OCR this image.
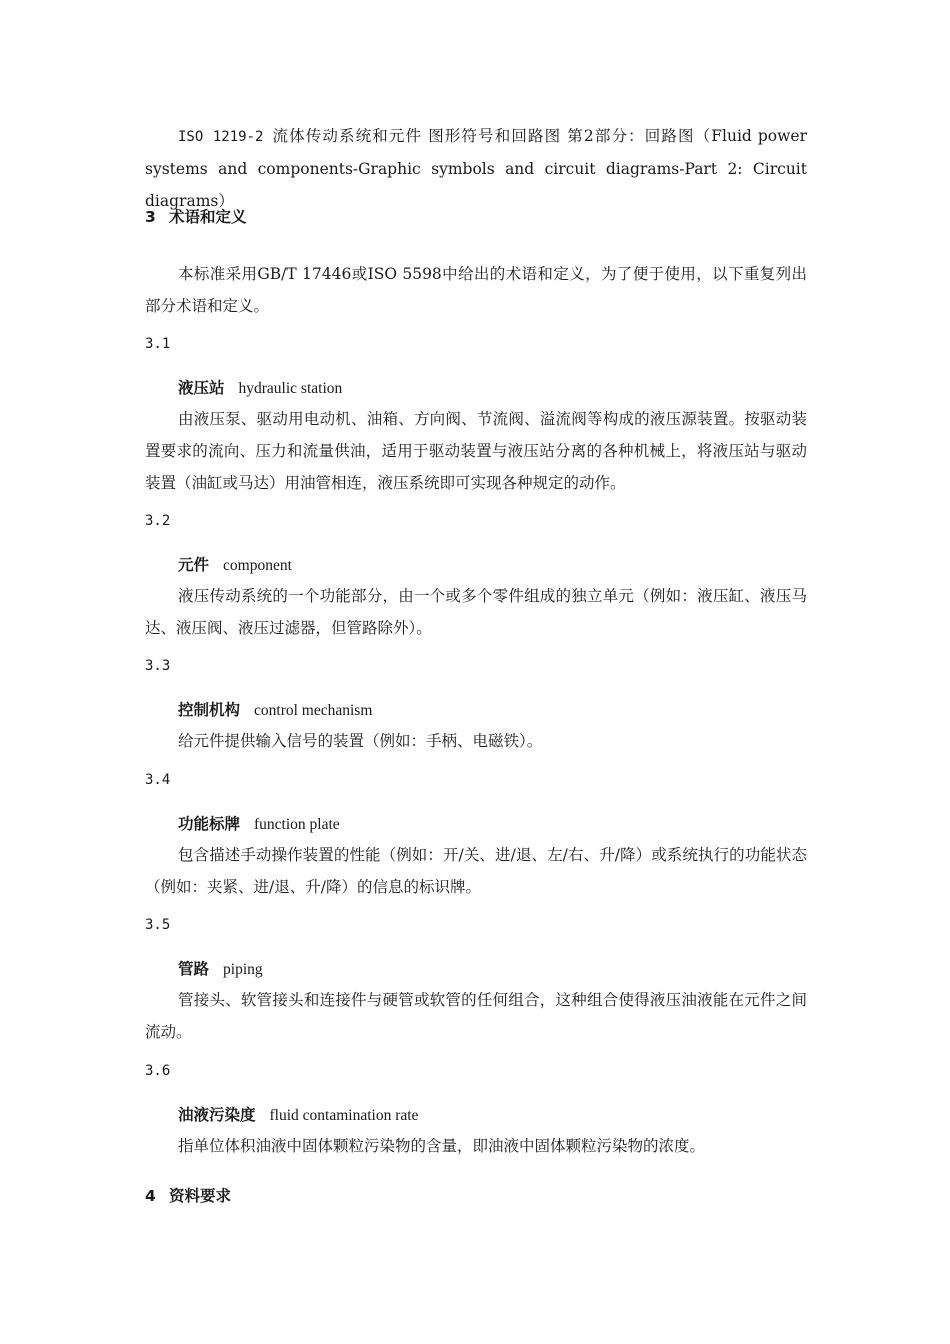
ISO 1219-2 流体传动系统和元件 图形符号和回路图 第2部分：回路图（Fluid power systems and components-Graphic symbols and circuit diagrams-Part 2: Circuit diagrams）

3 术语和定义

本标准采用GB/T 17446或ISO 5598中给出的术语和定义，为了便于使用，以下重复列出部分术语和定义。

3.1
液压站 hydraulic station

由液压泵、驱动用电动机、油箱、方向阀、节流阀、溢流阀等构成的液压源装置。按驱动装置要求的流向、压力和流量供油，适用于驱动装置与液压站分离的各种机械上，将液压站与驱动装置（油缸或马达）用油管相连，液压系统即可实现各种规定的动作。

3.2
元件 component

液压传动系统的一个功能部分，由一个或多个零件组成的独立单元（例如：液压缸、液压马达、液压阀、液压过滤器，但管路除外）。

3.3
控制机构 control mechanism

给元件提供输入信号的装置（例如：手柄、电磁铁）。

3.4
功能标牌 function plate

包含描述手动操作装置的性能（例如：开/关、进/退、左/右、升/降）或系统执行的功能状态（例如：夹紧、进/退、升/降）的信息的标识牌。

3.5
管路 piping

管接头、软管接头和连接件与硬管或软管的任何组合，这种组合使得液压油液能在元件之间流动。

3.6
油液污染度 fluid contamination rate

指单位体积油液中固体颗粒污染物的含量，即油液中固体颗粒污染物的浓度。

4 资料要求
